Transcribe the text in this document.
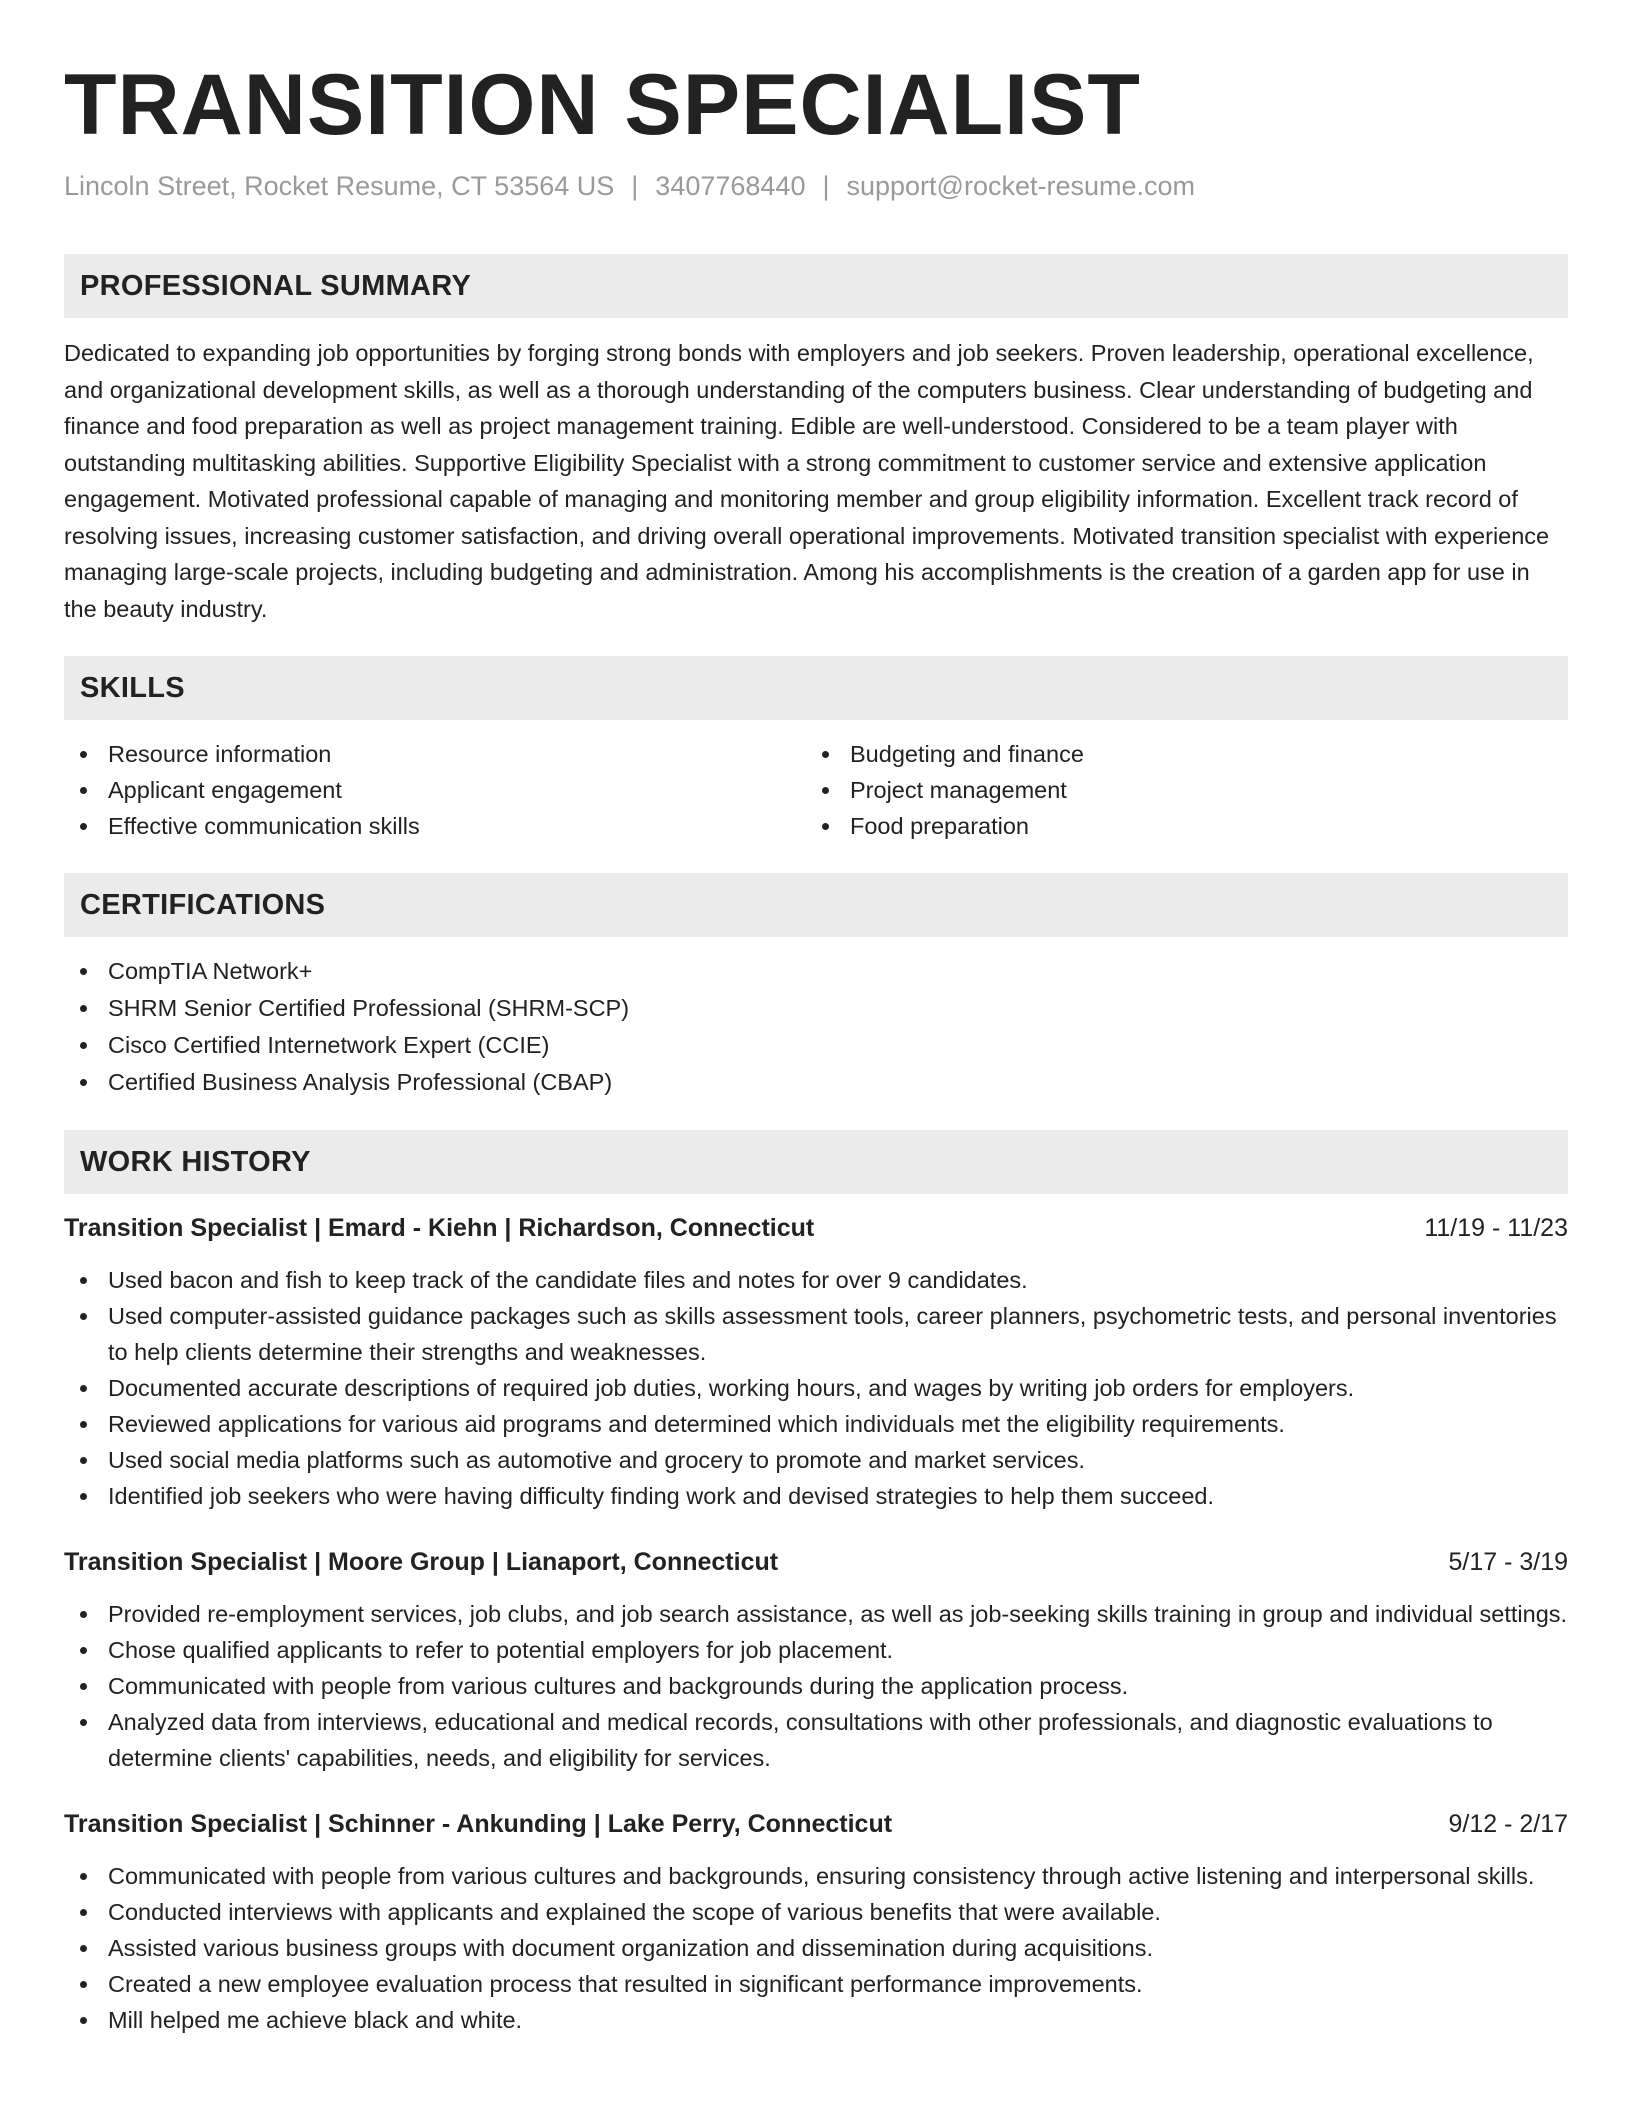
TRANSITION SPECIALIST
Lincoln Street, Rocket Resume, CT 53564 US | 3407768440 | support@rocket-resume.com
PROFESSIONAL SUMMARY
Dedicated to expanding job opportunities by forging strong bonds with employers and job seekers. Proven leadership, operational excellence, and organizational development skills, as well as a thorough understanding of the computers business. Clear understanding of budgeting and finance and food preparation as well as project management training. Edible are well-understood. Considered to be a team player with outstanding multitasking abilities. Supportive Eligibility Specialist with a strong commitment to customer service and extensive application engagement. Motivated professional capable of managing and monitoring member and group eligibility information. Excellent track record of resolving issues, increasing customer satisfaction, and driving overall operational improvements. Motivated transition specialist with experience managing large-scale projects, including budgeting and administration. Among his accomplishments is the creation of a garden app for use in the beauty industry.
SKILLS
Resource information
Applicant engagement
Effective communication skills
Budgeting and finance
Project management
Food preparation
CERTIFICATIONS
CompTIA Network+
SHRM Senior Certified Professional (SHRM-SCP)
Cisco Certified Internetwork Expert (CCIE)
Certified Business Analysis Professional (CBAP)
WORK HISTORY
Transition Specialist | Emard - Kiehn | Richardson, Connecticut	11/19 - 11/23
Used bacon and fish to keep track of the candidate files and notes for over 9 candidates.
Used computer-assisted guidance packages such as skills assessment tools, career planners, psychometric tests, and personal inventories to help clients determine their strengths and weaknesses.
Documented accurate descriptions of required job duties, working hours, and wages by writing job orders for employers.
Reviewed applications for various aid programs and determined which individuals met the eligibility requirements.
Used social media platforms such as automotive and grocery to promote and market services.
Identified job seekers who were having difficulty finding work and devised strategies to help them succeed.
Transition Specialist | Moore Group | Lianaport, Connecticut	5/17 - 3/19
Provided re-employment services, job clubs, and job search assistance, as well as job-seeking skills training in group and individual settings.
Chose qualified applicants to refer to potential employers for job placement.
Communicated with people from various cultures and backgrounds during the application process.
Analyzed data from interviews, educational and medical records, consultations with other professionals, and diagnostic evaluations to determine clients' capabilities, needs, and eligibility for services.
Transition Specialist | Schinner - Ankunding | Lake Perry, Connecticut	9/12 - 2/17
Communicated with people from various cultures and backgrounds, ensuring consistency through active listening and interpersonal skills.
Conducted interviews with applicants and explained the scope of various benefits that were available.
Assisted various business groups with document organization and dissemination during acquisitions.
Created a new employee evaluation process that resulted in significant performance improvements.
Mill helped me achieve black and white.
